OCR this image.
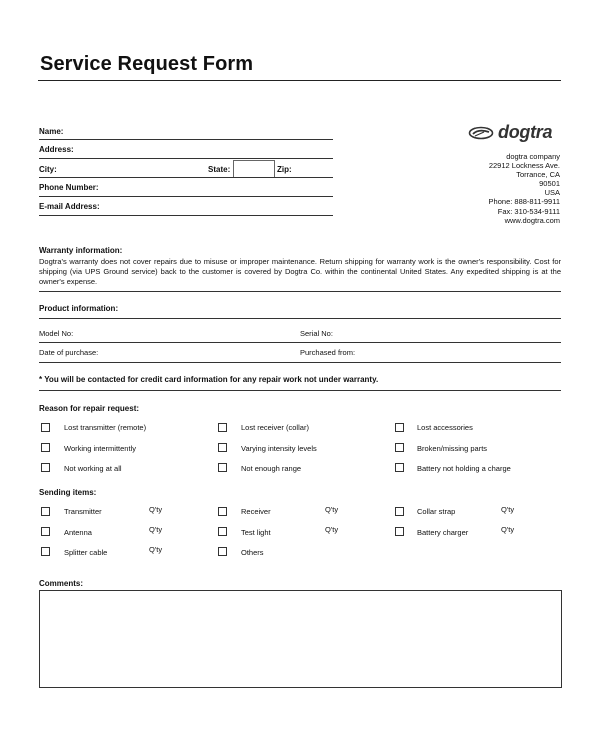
Service Request Form
Name:
Address:
City:	State:	Zip:
Phone Number:
E-mail Address:
dogtra
dogtra company
22912 Lockness Ave.
Torrance, CA
90501
USA
Phone: 888-811-9911
Fax: 310-534-9111
www.dogtra.com
Warranty information:
Dogtra's warranty does not cover repairs due to misuse or improper maintenance. Return shipping for warranty work is the owner's responsibility. Cost for shipping (via UPS Ground service) back to the customer is covered by Dogtra Co. within the continental United States. Any expedited shipping is at the owner's expense.
Product information:
Model No:	Serial No:
Date of purchase:	Purchased from:
* You will be contacted for credit card information for any repair work not under warranty.
Reason for repair request:
Lost transmitter (remote)	Lost receiver (collar)	Lost accessories
Working intermittently	Varying intensity levels	Broken/missing parts
Not working at all	Not enough range	Battery not holding a charge
Sending items:
Transmitter	Q'ty	Receiver	Q'ty	Collar strap	Q'ty
Antenna	Q'ty	Test light	Q'ty	Battery charger	Q'ty
Splitter cable	Q'ty	Others
Comments:
